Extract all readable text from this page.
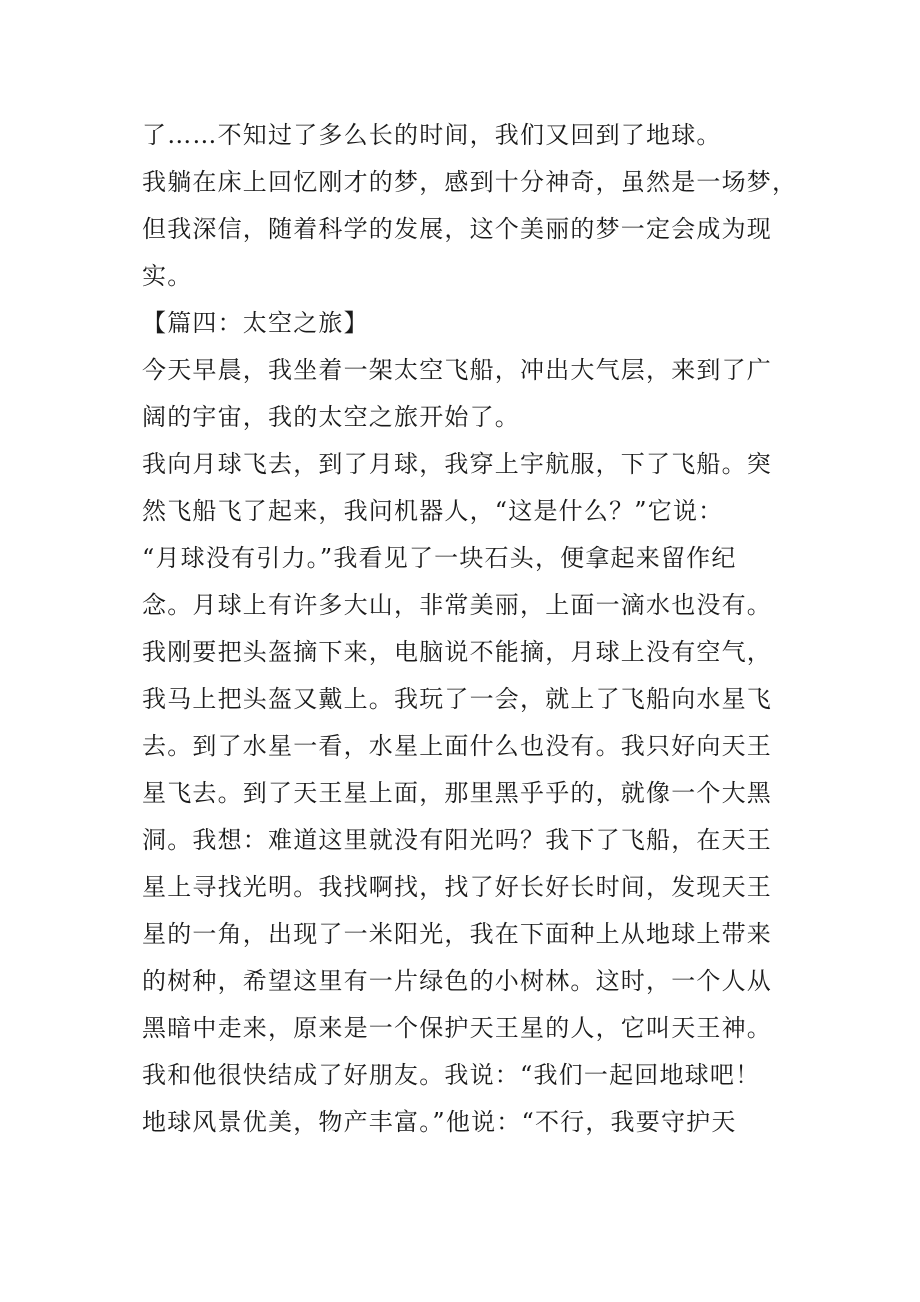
了……不知过了多么长的时间，我们又回到了地球。
我躺在床上回忆刚才的梦，感到十分神奇，虽然是一场梦，
但我深信，随着科学的发展，这个美丽的梦一定会成为现
实。
【篇四：太空之旅】
今天早晨，我坐着一架太空飞船，冲出大气层，来到了广
阔的宇宙，我的太空之旅开始了。
我向月球飞去，到了月球，我穿上宇航服，下了飞船。突
然飞船飞了起来，我问机器人，“这是什么？”它说：
“月球没有引力。”我看见了一块石头，便拿起来留作纪
念。月球上有许多大山，非常美丽，上面一滴水也没有。
我刚要把头盔摘下来，电脑说不能摘，月球上没有空气，
我马上把头盔又戴上。我玩了一会，就上了飞船向水星飞
去。到了水星一看，水星上面什么也没有。我只好向天王
星飞去。到了天王星上面，那里黑乎乎的，就像一个大黑
洞。我想：难道这里就没有阳光吗？我下了飞船，在天王
星上寻找光明。我找啊找，找了好长好长时间，发现天王
星的一角，出现了一米阳光，我在下面种上从地球上带来
的树种，希望这里有一片绿色的小树林。这时，一个人从
黑暗中走来，原来是一个保护天王星的人，它叫天王神。
我和他很快结成了好朋友。我说：“我们一起回地球吧！
地球风景优美，物产丰富。”他说：“不行，我要守护天
